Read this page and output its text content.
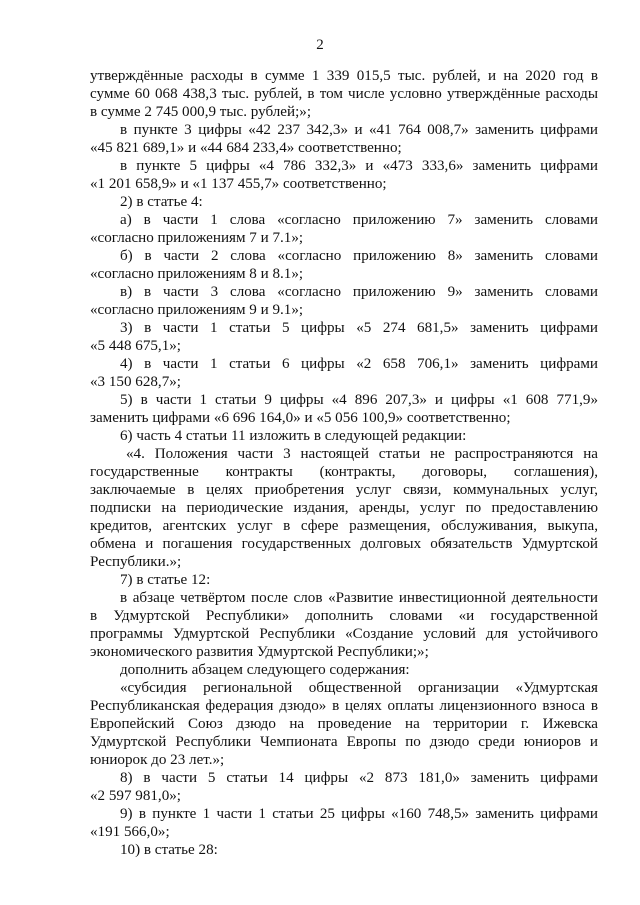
2
утверждённые расходы в сумме 1 339 015,5 тыс. рублей, и на 2020 год в
сумме 60 068 438,3 тыс. рублей, в том числе условно утверждённые расходы
в сумме 2 745 000,9 тыс. рублей;»;
в пункте 3 цифры «42 237 342,3» и «41 764 008,7» заменить цифрами
«45 821 689,1» и «44 684 233,4» соответственно;
в пункте 5 цифры «4 786 332,3» и «473 333,6» заменить цифрами
«1 201 658,9» и «1 137 455,7» соответственно;
2) в статье 4:
а) в части 1 слова «согласно приложению 7» заменить словами
«согласно приложениям 7 и 7.1»;
б) в части 2 слова «согласно приложению 8» заменить словами
«согласно приложениям 8 и 8.1»;
в) в части 3 слова «согласно приложению 9» заменить словами
«согласно приложениям 9 и 9.1»;
3) в части 1 статьи 5 цифры «5 274 681,5» заменить цифрами
«5 448 675,1»;
4) в части 1 статьи 6 цифры «2 658 706,1» заменить цифрами
«3 150 628,7»;
5) в части 1 статьи 9 цифры «4 896 207,3» и цифры «1 608 771,9»
заменить цифрами «6 696 164,0» и «5 056 100,9» соответственно;
6) часть 4 статьи 11 изложить в следующей редакции:
«4. Положения части 3 настоящей статьи не распространяются на
государственные контракты (контракты, договоры, соглашения),
заключаемые в целях приобретения услуг связи, коммунальных услуг,
подписки на периодические издания, аренды, услуг по предоставлению
кредитов, агентских услуг в сфере размещения, обслуживания, выкупа,
обмена и погашения государственных долговых обязательств Удмуртской
Республики.»;
7) в статье 12:
в абзаце четвёртом после слов «Развитие инвестиционной деятельности
в Удмуртской Республики» дополнить словами «и государственной
программы Удмуртской Республики «Создание условий для устойчивого
экономического развития Удмуртской Республики;»;
дополнить абзацем следующего содержания:
«субсидия региональной общественной организации «Удмуртская
Республиканская федерация дзюдо» в целях оплаты лицензионного взноса в
Европейский Союз дзюдо на проведение на территории г. Ижевска
Удмуртской Республики Чемпионата Европы по дзюдо среди юниоров и
юниорок до 23 лет.»;
8) в части 5 статьи 14 цифры «2 873 181,0» заменить цифрами
«2 597 981,0»;
9) в пункте 1 части 1 статьи 25 цифры «160 748,5» заменить цифрами
«191 566,0»;
10) в статье 28:
